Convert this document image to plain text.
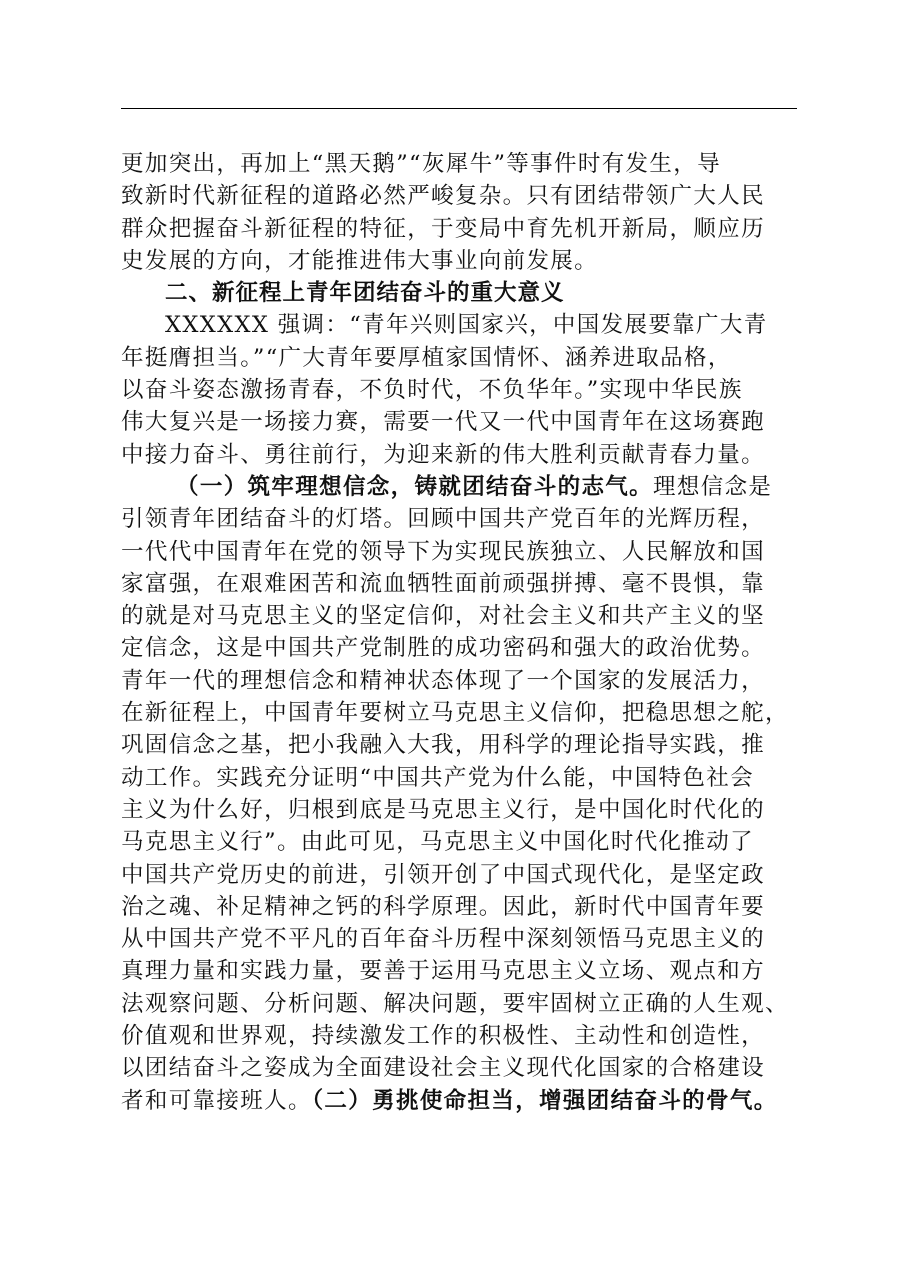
更加突出，再加上“黑天鹅”“灰犀牛”等事件时有发生，导
致新时代新征程的道路必然严峻复杂。只有团结带领广大人民
群众把握奋斗新征程的特征，于变局中育先机开新局，顺应历
史发展的方向，才能推进伟大事业向前发展。
二、新征程上青年团结奋斗的重大意义
XXXXXX 强调：“青年兴则国家兴，中国发展要靠广大青
年挺膺担当。”“广大青年要厚植家国情怀、涵养进取品格，
以奋斗姿态激扬青春，不负时代，不负华年。”实现中华民族
伟大复兴是一场接力赛，需要一代又一代中国青年在这场赛跑
中接力奋斗、勇往前行，为迎来新的伟大胜利贡献青春力量。
（一）筑牢理想信念，铸就团结奋斗的志气。理想信念是
引领青年团结奋斗的灯塔。回顾中国共产党百年的光辉历程，
一代代中国青年在党的领导下为实现民族独立、人民解放和国
家富强，在艰难困苦和流血牺牲面前顽强拼搏、毫不畏惧，靠
的就是对马克思主义的坚定信仰，对社会主义和共产主义的坚
定信念，这是中国共产党制胜的成功密码和强大的政治优势。
青年一代的理想信念和精神状态体现了一个国家的发展活力，
在新征程上，中国青年要树立马克思主义信仰，把稳思想之舵，
巩固信念之基，把小我融入大我，用科学的理论指导实践，推
动工作。实践充分证明“中国共产党为什么能，中国特色社会
主义为什么好，归根到底是马克思主义行，是中国化时代化的
马克思主义行”。由此可见，马克思主义中国化时代化推动了
中国共产党历史的前进，引领开创了中国式现代化，是坚定政
治之魂、补足精神之钙的科学原理。因此，新时代中国青年要
从中国共产党不平凡的百年奋斗历程中深刻领悟马克思主义的
真理力量和实践力量，要善于运用马克思主义立场、观点和方
法观察问题、分析问题、解决问题，要牢固树立正确的人生观、
价值观和世界观，持续激发工作的积极性、主动性和创造性，
以团结奋斗之姿成为全面建设社会主义现代化国家的合格建设
者和可靠接班人。（二）勇挑使命担当，增强团结奋斗的骨气。
